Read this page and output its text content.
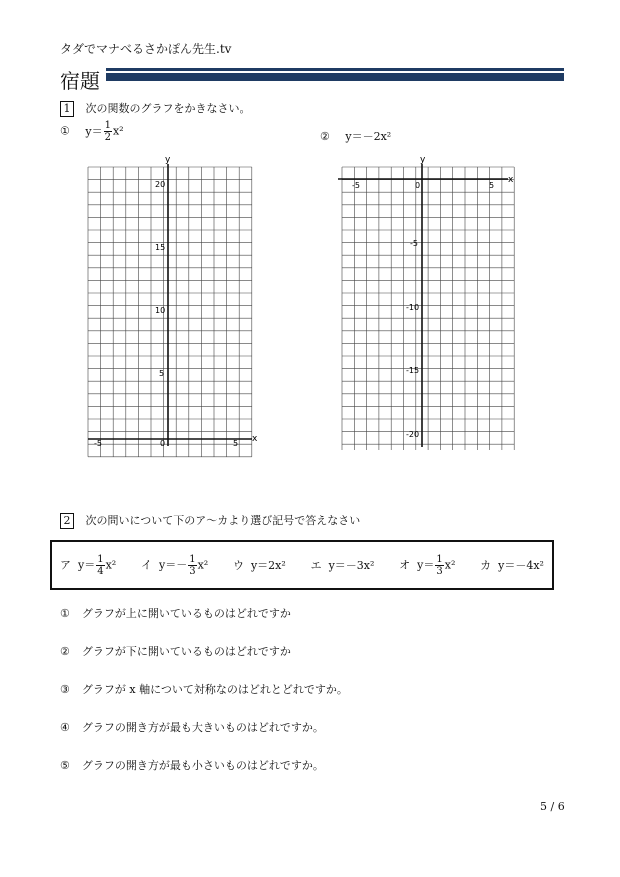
タダでマナべるさかぽん先生.tv
宿題
1 次の関数のグラフをかきなさい。
① $y= \frac{1}{2} x^2$	② y＝－2x²
x
y
-5	0	5
20
15
10
5
x
y
-5	0	5
-5
-10
-15
-20
2 次の問いについて下のア～カより選び記号で答えなさい
ア $y= \frac{1}{4} x^2$ イ $y=- \frac{1}{3} x^2$ ウ y＝2x² エ y＝－3x² オ $y= \frac{1}{3} x^2$ カ y＝－4x²
① グラフが上に開いているものはどれですか
② グラフが下に開いているものはどれですか
③ グラフが x 軸について対称なのはどれとどれですか。
④ グラフの開き方が最も大きいものはどれですか。
⑤ グラフの開き方が最も小さいものはどれですか。
5 / 6
